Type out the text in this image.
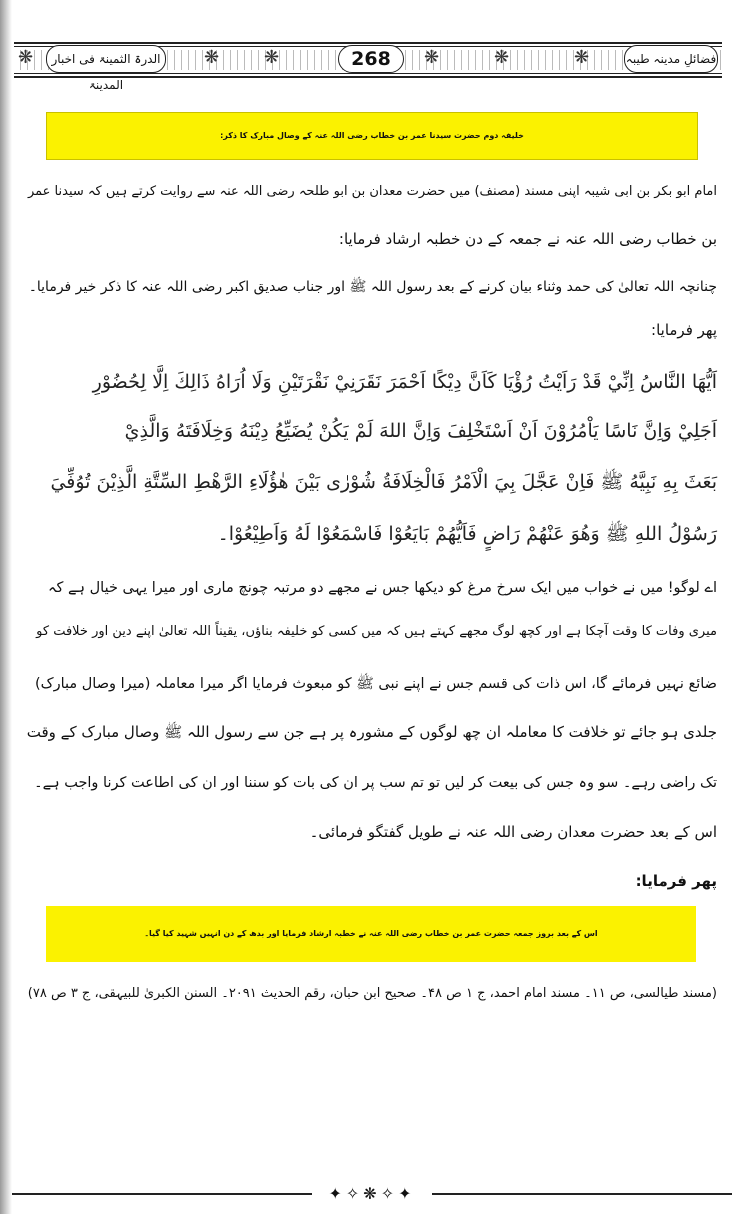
❋	❋ ❋	❋	❋	❋
الدرۃ الثمینۃ فی اخبار المدینۃ
268	فضائلِ مدینہ طیبہ
خلیفہ دوم حضرت سیدنا عمر بن خطاب رضی اللہ عنہ کے وصال مبارک کا ذکر:
امام ابو بکر بن ابی شیبہ اپنی مسند (مصنف) میں حضرت معدان بن ابو طلحہ رضی اللہ عنہ سے روایت کرتے ہیں کہ سیدنا عمر
بن خطاب رضی اللہ عنہ نے جمعہ کے دن خطبہ ارشاد فرمایا:
چنانچہ اللہ تعالیٰ کی حمد وثناء بیان کرنے کے بعد رسول اللہ ﷺ اور جناب صدیق اکبر رضی اللہ عنہ کا ذکر خیر فرمایا۔
پھر فرمایا:
اَيُّهَا النَّاسُ اِنِّيْ قَدْ رَاَيْتُ رُؤْيَا كَاَنَّ دِيْكًا اَحْمَرَ نَقَرَنِيْ نَقْرَتَيْنِ وَلَا اُرَاهُ ذَالِكَ اِلَّا لِحُضُوْرِ
اَجَلِيْ وَاِنَّ نَاسًا يَاْمُرُوْنَ اَنْ اَسْتَخْلِفَ وَاِنَّ اللهَ لَمْ يَكُنْ يُضَيِّعُ دِيْنَهُ وَخِلَافَتَهُ وَالَّذِيْ
بَعَثَ بِهِ نَبِيَّهُ ﷺ فَاِنْ عَجَّلَ بِيَ الْاَمْرُ فَالْخِلَافَةُ شُوْرٰى بَيْنَ هٰؤُلَاءِ الرَّهْطِ السِّتَّةِ الَّذِيْنَ تُوُفِّيَ
رَسُوْلُ اللهِ ﷺ وَهُوَ عَنْهُمْ رَاضٍ فَاَيُّهُمْ بَايَعُوْا فَاسْمَعُوْا لَهُ وَاَطِيْعُوْا۔
اے لوگو! میں نے خواب میں ایک سرخ مرغ کو دیکھا جس نے مجھے دو مرتبہ چونچ ماری اور میرا یہی خیال ہے کہ
میری وفات کا وقت آچکا ہے اور کچھ لوگ مجھے کہتے ہیں کہ میں کسی کو خلیفہ بناؤں، یقیناً اللہ تعالیٰ اپنے دین اور خلافت کو
ضائع نہیں فرمائے گا، اس ذات کی قسم جس نے اپنے نبی ﷺ کو مبعوث فرمایا اگر میرا معاملہ (میرا وصال مبارک)
جلدی ہو جائے تو خلافت کا معاملہ ان چھ لوگوں کے مشورہ پر ہے جن سے رسول اللہ ﷺ وصال مبارک کے وقت
تک راضی رہے۔ سو وہ جس کی بیعت کر لیں تو تم سب پر ان کی بات کو سننا اور ان کی اطاعت کرنا واجب ہے۔
اس کے بعد حضرت معدان رضی اللہ عنہ نے طویل گفتگو فرمائی۔
پھر فرمایا:
اس کے بعد بروز جمعہ حضرت عمر بن خطاب رضی اللہ عنہ نے خطبہ ارشاد فرمایا اور بدھ کے دن انہیں شہید کیا گیا۔
(مسند طیالسی، ص ۱۱۔ مسند امام احمد، ج ۱ ص ۴۸۔ صحیح ابن حبان، رقم الحدیث ۲۰۹۱۔ السنن الکبریٰ للبیہقی، ج ۳ ص ۷۸)
✦✧❋✧✦
